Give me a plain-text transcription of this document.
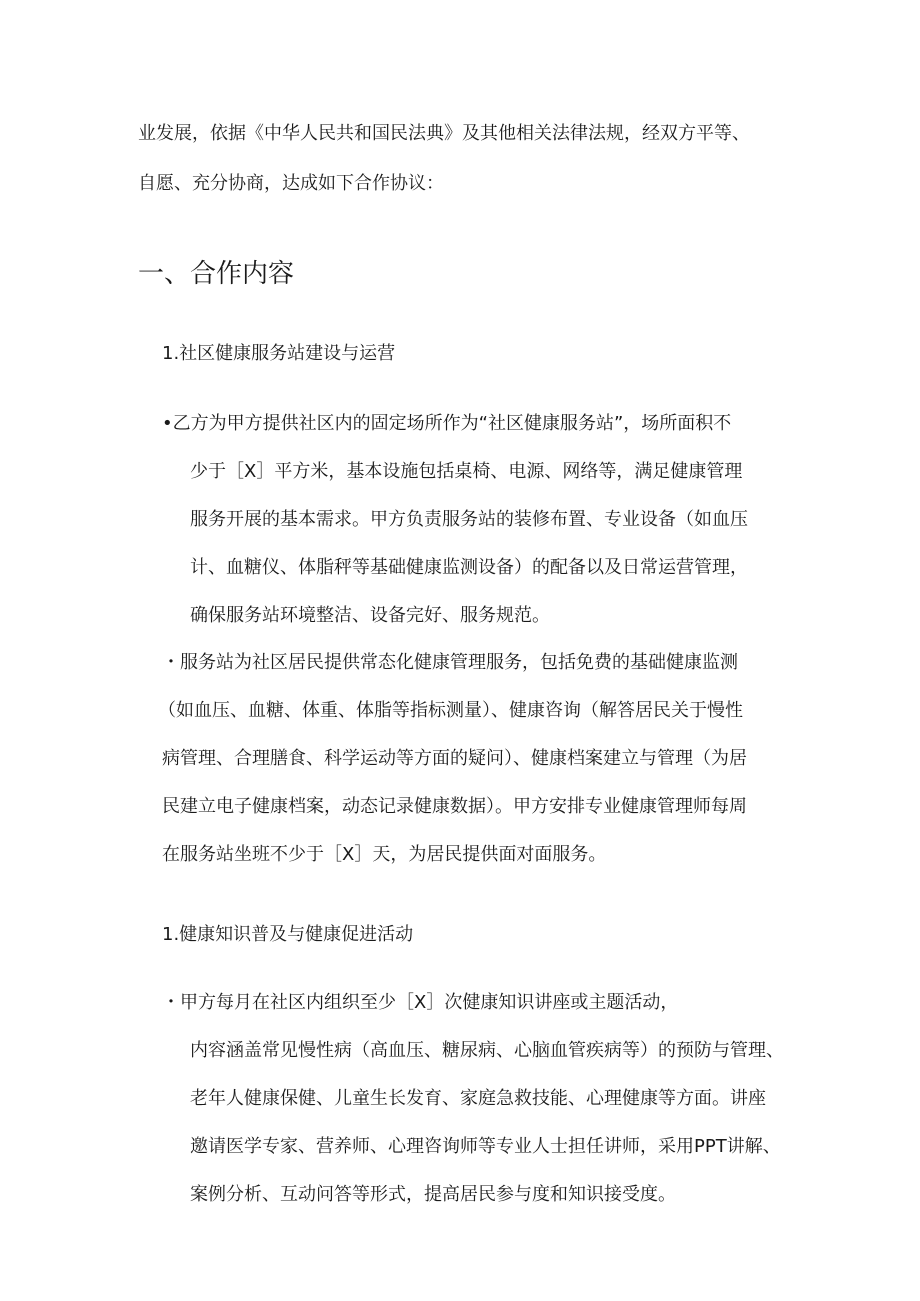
业发展，依据《中华人民共和国民法典》及其他相关法律法规，经双方平等、
自愿、充分协商，达成如下合作协议：
一、合作内容
1.社区健康服务站建设与运营
•乙方为甲方提供社区内的固定场所作为“社区健康服务站”，场所面积不
少于［X］平方米，基本设施包括桌椅、电源、网络等，满足健康管理
服务开展的基本需求。甲方负责服务站的装修布置、专业设备（如血压
计、血糖仪、体脂秤等基础健康监测设备）的配备以及日常运营管理，
确保服务站环境整洁、设备完好、服务规范。
・服务站为社区居民提供常态化健康管理服务，包括免费的基础健康监测
（如血压、血糖、体重、体脂等指标测量）、健康咨询（解答居民关于慢性
病管理、合理膳食、科学运动等方面的疑问）、健康档案建立与管理（为居
民建立电子健康档案，动态记录健康数据）。甲方安排专业健康管理师每周
在服务站坐班不少于［X］天，为居民提供面对面服务。
1.健康知识普及与健康促进活动
・甲方每月在社区内组织至少［X］次健康知识讲座或主题活动，
内容涵盖常见慢性病（高血压、糖尿病、心脑血管疾病等）的预防与管理、
老年人健康保健、儿童生长发育、家庭急救技能、心理健康等方面。讲座
邀请医学专家、营养师、心理咨询师等专业人士担任讲师，采用PPT讲解、
案例分析、互动问答等形式，提高居民参与度和知识接受度。
